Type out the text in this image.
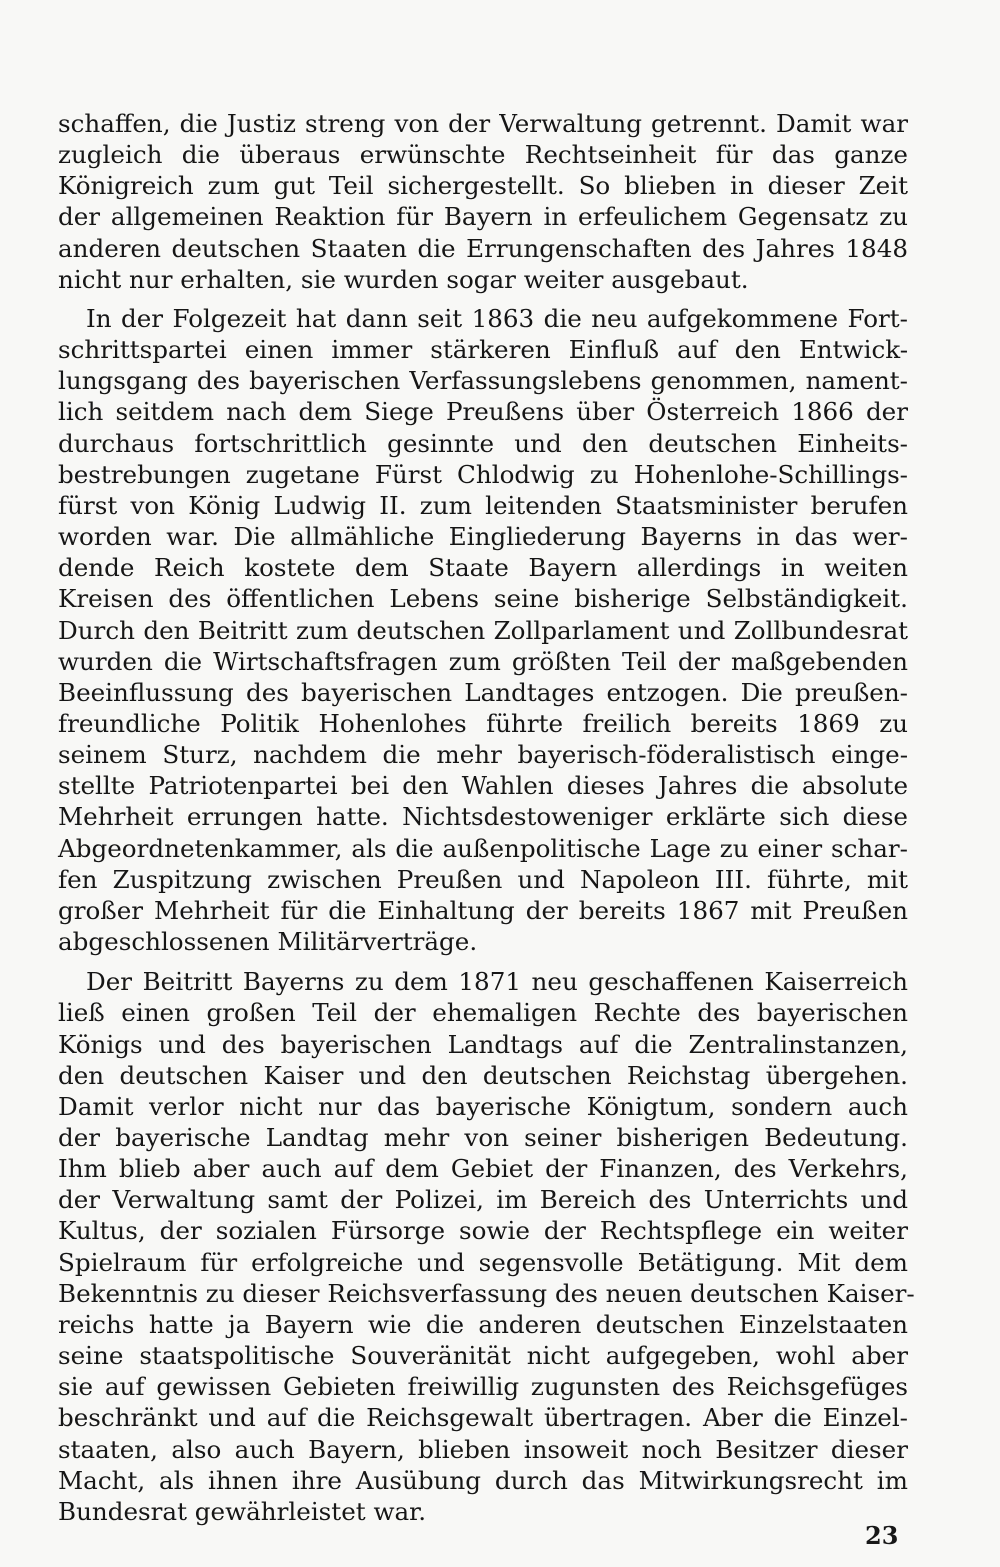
schaffen, die Justiz streng von der Verwaltung getrennt. Damit war
zugleich die überaus erwünschte Rechtseinheit für das ganze
Königreich zum gut Teil sichergestellt. So blieben in dieser Zeit
der allgemeinen Reaktion für Bayern in erfeulichem Gegensatz zu
anderen deutschen Staaten die Errungenschaften des Jahres 1848
nicht nur erhalten, sie wurden sogar weiter ausgebaut.
In der Folgezeit hat dann seit 1863 die neu aufgekommene Fort-
schrittspartei einen immer stärkeren Einfluß auf den Entwick-
lungsgang des bayerischen Verfassungslebens genommen, nament-
lich seitdem nach dem Siege Preußens über Österreich 1866 der
durchaus fortschrittlich gesinnte und den deutschen Einheits-
bestrebungen zugetane Fürst Chlodwig zu Hohenlohe-Schillings-
fürst von König Ludwig II. zum leitenden Staatsminister berufen
worden war. Die allmähliche Eingliederung Bayerns in das wer-
dende Reich kostete dem Staate Bayern allerdings in weiten
Kreisen des öffentlichen Lebens seine bisherige Selbständigkeit.
Durch den Beitritt zum deutschen Zollparlament und Zollbundesrat
wurden die Wirtschaftsfragen zum größten Teil der maßgebenden
Beeinflussung des bayerischen Landtages entzogen. Die preußen-
freundliche Politik Hohenlohes führte freilich bereits 1869 zu
seinem Sturz, nachdem die mehr bayerisch-föderalistisch einge-
stellte Patriotenpartei bei den Wahlen dieses Jahres die absolute
Mehrheit errungen hatte. Nichtsdestoweniger erklärte sich diese
Abgeordnetenkammer, als die außenpolitische Lage zu einer schar-
fen Zuspitzung zwischen Preußen und Napoleon III. führte, mit
großer Mehrheit für die Einhaltung der bereits 1867 mit Preußen
abgeschlossenen Militärverträge.
Der Beitritt Bayerns zu dem 1871 neu geschaffenen Kaiserreich
ließ einen großen Teil der ehemaligen Rechte des bayerischen
Königs und des bayerischen Landtags auf die Zentralinstanzen,
den deutschen Kaiser und den deutschen Reichstag übergehen.
Damit verlor nicht nur das bayerische Königtum, sondern auch
der bayerische Landtag mehr von seiner bisherigen Bedeutung.
Ihm blieb aber auch auf dem Gebiet der Finanzen, des Verkehrs,
der Verwaltung samt der Polizei, im Bereich des Unterrichts und
Kultus, der sozialen Fürsorge sowie der Rechtspflege ein weiter
Spielraum für erfolgreiche und segensvolle Betätigung. Mit dem
Bekenntnis zu dieser Reichsverfassung des neuen deutschen Kaiser-
reichs hatte ja Bayern wie die anderen deutschen Einzelstaaten
seine staatspolitische Souveränität nicht aufgegeben, wohl aber
sie auf gewissen Gebieten freiwillig zugunsten des Reichsgefüges
beschränkt und auf die Reichsgewalt übertragen. Aber die Einzel-
staaten, also auch Bayern, blieben insoweit noch Besitzer dieser
Macht, als ihnen ihre Ausübung durch das Mitwirkungsrecht im
Bundesrat gewährleistet war.
23
